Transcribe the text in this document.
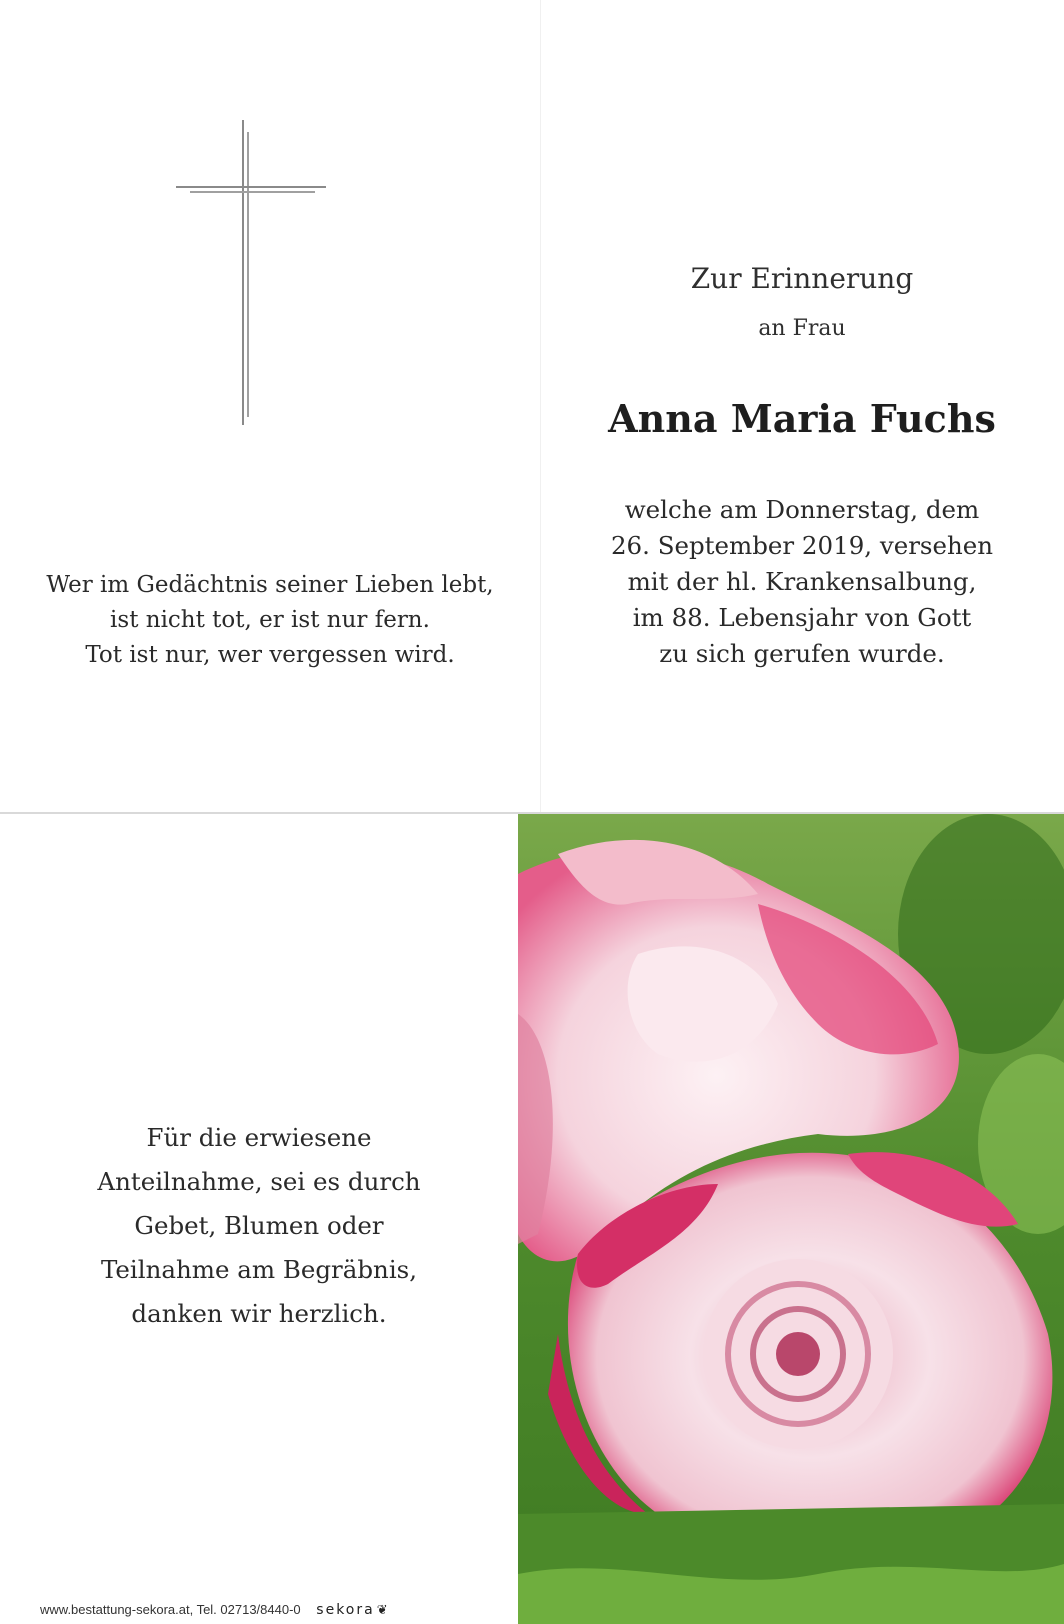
Wer im Gedächtnis seiner Lieben lebt,
ist nicht tot, er ist nur fern.
Tot ist nur, wer vergessen wird.
Zur Erinnerung
an Frau
Anna Maria Fuchs
welche am Donnerstag, dem
26. September 2019, versehen
mit der hl. Krankensalbung,
im 88. Lebensjahr von Gott
zu sich gerufen wurde.
Für die erwiesene
Anteilnahme, sei es durch
Gebet, Blumen oder
Teilnahme am Begräbnis,
danken wir herzlich.
www.bestattung-sekora.at, Tel. 02713/8440-0 sekora ❦
